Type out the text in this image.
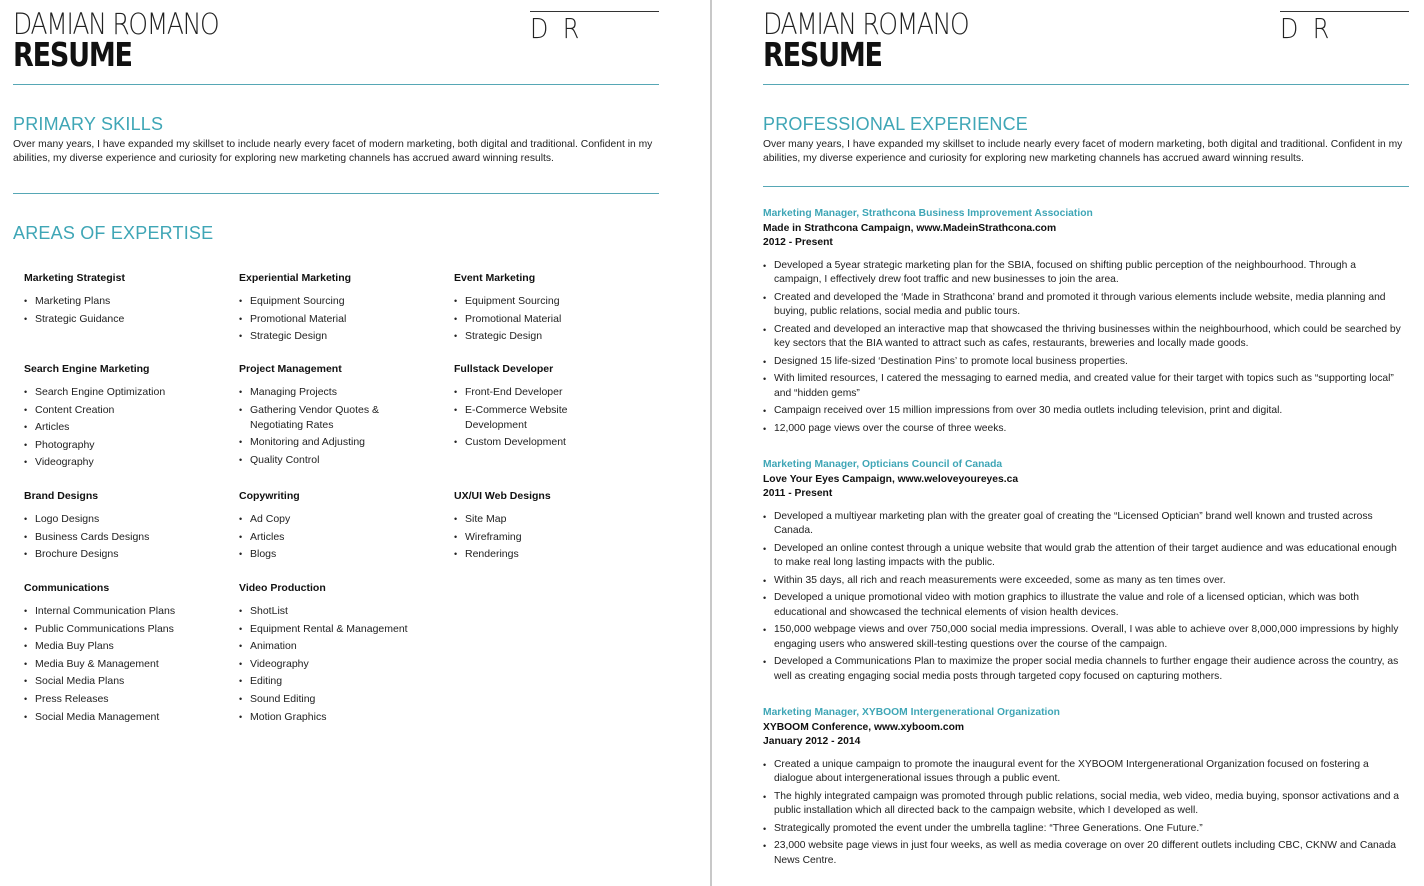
DAMIAN ROMANO
RESUME
D R
PRIMARY SKILLS
Over many years, I have expanded my skillset to include nearly every facet of modern marketing, both digital and traditional. Confident in my abilities, my diverse experience and curiosity for exploring new marketing channels has accrued award winning results.
AREAS OF EXPERTISE
Marketing Strategist
• Marketing Plans
• Strategic Guidance
Search Engine Marketing
• Search Engine Optimization
• Content Creation
• Articles
• Photography
• Videography
Brand Designs
• Logo Designs
• Business Cards Designs
• Brochure Designs
Communications
• Internal Communication Plans
• Public Communications Plans
• Media Buy Plans
• Media Buy & Management
• Social Media Plans
• Press Releases
• Social Media Management
Experiential Marketing
• Equipment Sourcing
• Promotional Material
• Strategic Design
Project Management
• Managing Projects
• Gathering Vendor Quotes & Negotiating Rates
• Monitoring and Adjusting
• Quality Control
Copywriting
• Ad Copy
• Articles
• Blogs
Video Production
• ShotList
• Equipment Rental & Management
• Animation
• Videography
• Editing
• Sound Editing
• Motion Graphics
Event Marketing
• Equipment Sourcing
• Promotional Material
• Strategic Design
Fullstack Developer
• Front-End Developer
• E-Commerce Website Development
• Custom Development
UX/UI Web Designs
• Site Map
• Wireframing
• Renderings
DAMIAN ROMANO
RESUME
D R
PROFESSIONAL EXPERIENCE
Over many years, I have expanded my skillset to include nearly every facet of modern marketing, both digital and traditional. Confident in my abilities, my diverse experience and curiosity for exploring new marketing channels has accrued award winning results.
Marketing Manager, Strathcona Business Improvement Association
Made in Strathcona Campaign, www.MadeinStrathcona.com
2012 - Present
• Developed a 5year strategic marketing plan for the SBIA, focused on shifting public perception of the neighbourhood. Through a campaign, I effectively drew foot traffic and new businesses to join the area.
• Created and developed the ‘Made in Strathcona’ brand and promoted it through various elements include website, media planning and buying, public relations, social media and public tours.
• Created and developed an interactive map that showcased the thriving businesses within the neighbourhood, which could be searched by key sectors that the BIA wanted to attract such as cafes, restaurants, breweries and locally made goods.
• Designed 15 life-sized ‘Destination Pins’ to promote local business properties.
• With limited resources, I catered the messaging to earned media, and created value for their target with topics such as “supporting local” and “hidden gems”
• Campaign received over 15 million impressions from over 30 media outlets including television, print and digital.
• 12,000 page views over the course of three weeks.
Marketing Manager, Opticians Council of Canada
Love Your Eyes Campaign, www.weloveyoureyes.ca
2011 - Present
• Developed a multiyear marketing plan with the greater goal of creating the “Licensed Optician” brand well known and trusted across Canada.
• Developed an online contest through a unique website that would grab the attention of their target audience and was educational enough to make real long lasting impacts with the public.
• Within 35 days, all rich and reach measurements were exceeded, some as many as ten times over.
• Developed a unique promotional video with motion graphics to illustrate the value and role of a licensed optician, which was both educational and showcased the technical elements of vision health devices.
• 150,000 webpage views and over 750,000 social media impressions. Overall, I was able to achieve over 8,000,000 impressions by highly engaging users who answered skill-testing questions over the course of the campaign.
• Developed a Communications Plan to maximize the proper social media channels to further engage their audience across the country, as well as creating engaging social media posts through targeted copy focused on capturing mothers.
Marketing Manager, XYBOOM Intergenerational Organization
XYBOOM Conference, www.xyboom.com
January 2012 - 2014
• Created a unique campaign to promote the inaugural event for the XYBOOM Intergenerational Organization focused on fostering a dialogue about intergenerational issues through a public event.
• The highly integrated campaign was promoted through public relations, social media, web video, media buying, sponsor activations and a public installation which all directed back to the campaign website, which I developed as well.
• Strategically promoted the event under the umbrella tagline: “Three Generations. One Future.”
• 23,000 website page views in just four weeks, as well as media coverage on over 20 different outlets including CBC, CKNW and Canada News Centre.
